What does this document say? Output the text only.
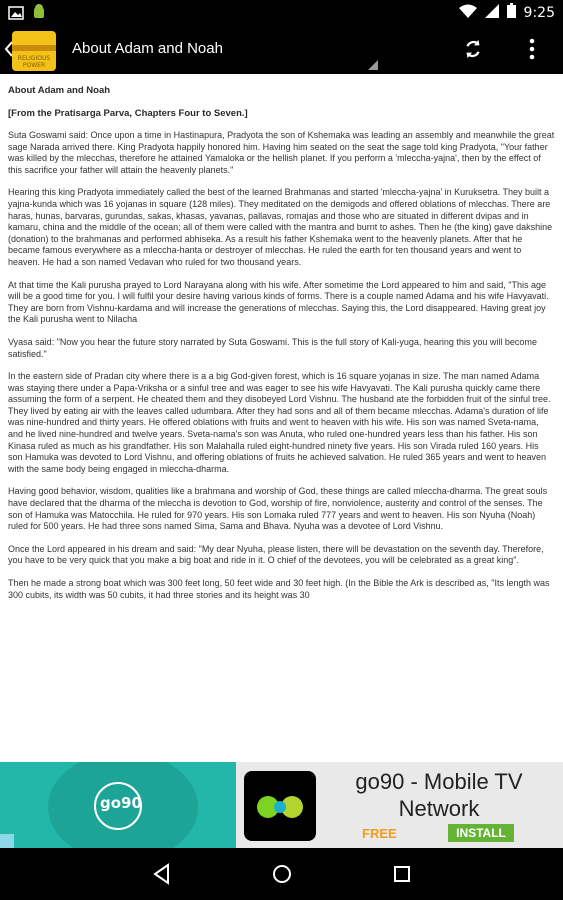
9:25
RELIGIOUS POWER
About Adam and Noah
About Adam and Noah
[From the Pratisarga Parva, Chapters Four to Seven.]

Suta Goswami said: Once upon a time in Hastinapura, Pradyota the son of Kshemaka was leading an assembly and meanwhile the great sage Narada arrived there. King Pradyota happily honored him. Having him seated on the seat the sage told king Pradyota, "Your father was killed by the mlecchas, therefore he attained Yamaloka or the hellish planet. If you perform a 'mleccha-yajna', then by the effect of this sacrifice your father will attain the heavenly planets."

Hearing this king Pradyota immediately called the best of the learned Brahmanas and started 'mleccha-yajna' in Kuruksetra. They built a yajna-kunda which was 16 yojanas in square (128 miles). They meditated on the demigods and offered oblations of mlecchas. There are haras, hunas, barvaras, gurundas, sakas, khasas, yavanas, pallavas, romajas and those who are situated in different dvipas and in kamaru, china and the middle of the ocean; all of them were called with the mantra and burnt to ashes. Then he (the king) gave dakshine (donation) to the brahmanas and performed abhiseka. As a result his father Kshemaka went to the heavenly planets. After that he became famous everywhere as a mleccha-hanta or destroyer of mlecchas. He ruled the earth for ten thousand years and went to heaven. He had a son named Vedavan who ruled for two thousand years.

At that time the Kali purusha prayed to Lord Narayana along with his wife. After sometime the Lord appeared to him and said, "This age will be a good time for you. I will fulfil your desire having various kinds of forms. There is a couple named Adama and his wife Havyavati. They are born from Vishnu-kardama and will increase the generations of mlecchas. Saying this, the Lord disappeared. Having great joy the Kali purusha went to Nilacha

Vyasa said: "Now you hear the future story narrated by Suta Goswami. This is the full story of Kali-yuga, hearing this you will become satisfied."

In the eastern side of Pradan city where there is a a big God-given forest, which is 16 square yojanas in size. The man named Adama was staying there under a Papa-Vriksha or a sinful tree and was eager to see his wife Havyavati. The Kali purusha quickly came there assuming the form of a serpent. He cheated them and they disobeyed Lord Vishnu. The husband ate the forbidden fruit of the sinful tree. They lived by eating air with the leaves called udumbara. After they had sons and all of them became mlecchas. Adama's duration of life was nine-hundred and thirty years. He offered oblations with fruits and went to heaven with his wife. His son was named Sveta-nama, and he lived nine-hundred and twelve years. Sveta-nama's son was Anuta, who ruled one-hundred years less than his father. His son Kinasa ruled as much as his grandfather. His son Malahalla ruled eight-hundred ninety five years. His son Virada ruled 160 years. His son Hamuka was devoted to Lord Vishnu, and offering oblations of fruits he achieved salvation. He ruled 365 years and went to heaven with the same body being engaged in mleccha-dharma.

Having good behavior, wisdom, qualities like a brahmana and worship of God, these things are called mleccha-dharma. The great souls have declared that the dharma of the mleccha is devotion to God, worship of fire, nonviolence, austerity and control of the senses. The son of Hamuka was Matocchila. He ruled for 970 years. His son Lomaka ruled 777 years and went to heaven. His son Nyuha (Noah) ruled for 500 years. He had three sons named Sima, Sama and Bhava. Nyuha was a devotee of Lord Vishnu.

Once the Lord appeared in his dream and said: "My dear Nyuha, please listen, there will be devastation on the seventh day. Therefore, you have to be very quick that you make a big boat and ride in it. O chief of the devotees, you will be celebrated as a great king".

Then he made a strong boat which was 300 feet long, 50 feet wide and 30 feet high. (In the Bible the Ark is described as, "Its length was 300 cubits, its width was 50 cubits, it had three stories and its height was 30

go90
go90 - Mobile TV Network
FREE	INSTALL
